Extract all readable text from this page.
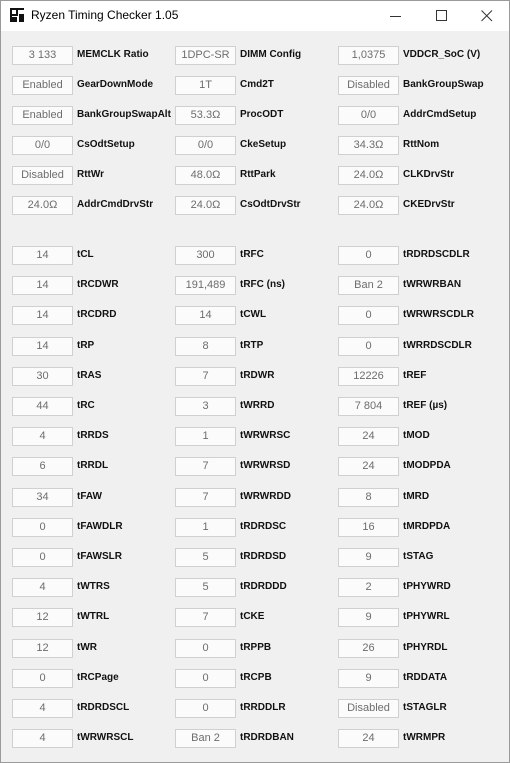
Ryzen Timing Checker 1.05
3 133	MEMCLK Ratio	1DPC-SR	DIMM Config	1,0375	VDDCR_SoC (V)
Enabled	GearDownMode	1T	Cmd2T	Disabled	BankGroupSwap
Enabled	BankGroupSwapAlt	53.3Ω	ProcODT	0/0	AddrCmdSetup
0/0	CsOdtSetup	0/0	CkeSetup	34.3Ω	RttNom
Disabled	RttWr	48.0Ω	RttPark	24.0Ω	CLKDrvStr
24.0Ω	AddrCmdDrvStr	24.0Ω	CsOdtDrvStr	24.0Ω	CKEDrvStr
14	tCL	300	tRFC	0	tRDRDSCDLR
14	tRCDWR	191,489	tRFC (ns)	Ban 2	tWRWRBAN
14	tRCDRD	14	tCWL	0	tWRWRSCDLR
14	tRP	8	tRTP	0	tWRRDSCDLR
30	tRAS	7	tRDWR	12226	tREF
44	tRC	3	tWRRD	7 804	tREF (µs)
4	tRRDS	1	tWRWRSC	24	tMOD
6	tRRDL	7	tWRWRSD	24	tMODPDA
34	tFAW	7	tWRWRDD	8	tMRD
0	tFAWDLR	1	tRDRDSC	16	tMRDPDA
0	tFAWSLR	5	tRDRDSD	9	tSTAG
4	tWTRS	5	tRDRDDD	2	tPHYWRD
12	tWTRL	7	tCKE	9	tPHYWRL
12	tWR	0	tRPPB	26	tPHYRDL
0	tRCPage	0	tRCPB	9	tRDDATA
4	tRDRDSCL	0	tRRDDLR	Disabled	tSTAGLR
4	tWRWRSCL	Ban 2	tRDRDBAN	24	tWRMPR
